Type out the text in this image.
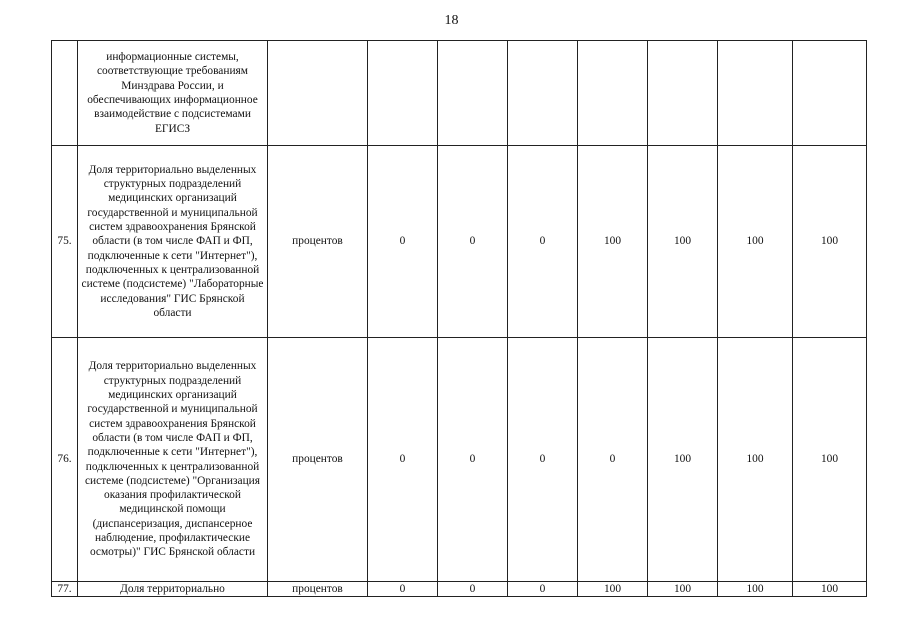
18
	информационные системы, соответствующие требованиям Минздрава России, и обеспечивающих информационное взаимодействие с подсистемами ЕГИСЗ								
75.	Доля территориально выделенных структурных подразделений медицинских организаций государственной и муниципальной систем здравоохранения Брянской области (в том числе ФАП и ФП, подключенные к сети "Интернет"), подключенных к централизованной системе (подсистеме) "Лабораторные исследования" ГИС Брянской области	процентов	0	0	0	100	100	100	100
76.	Доля территориально выделенных структурных подразделений медицинских организаций государственной и муниципальной систем здравоохранения Брянской области (в том числе ФАП и ФП, подключенные к сети "Интернет"), подключенных к централизованной системе (подсистеме) "Организация оказания профилактической медицинской помощи (диспансеризация, диспансерное наблюдение, профилактические осмотры)" ГИС Брянской области	процентов	0	0	0	0	100	100	100
77.	Доля территориально	процентов	0	0	0	100	100	100	100
